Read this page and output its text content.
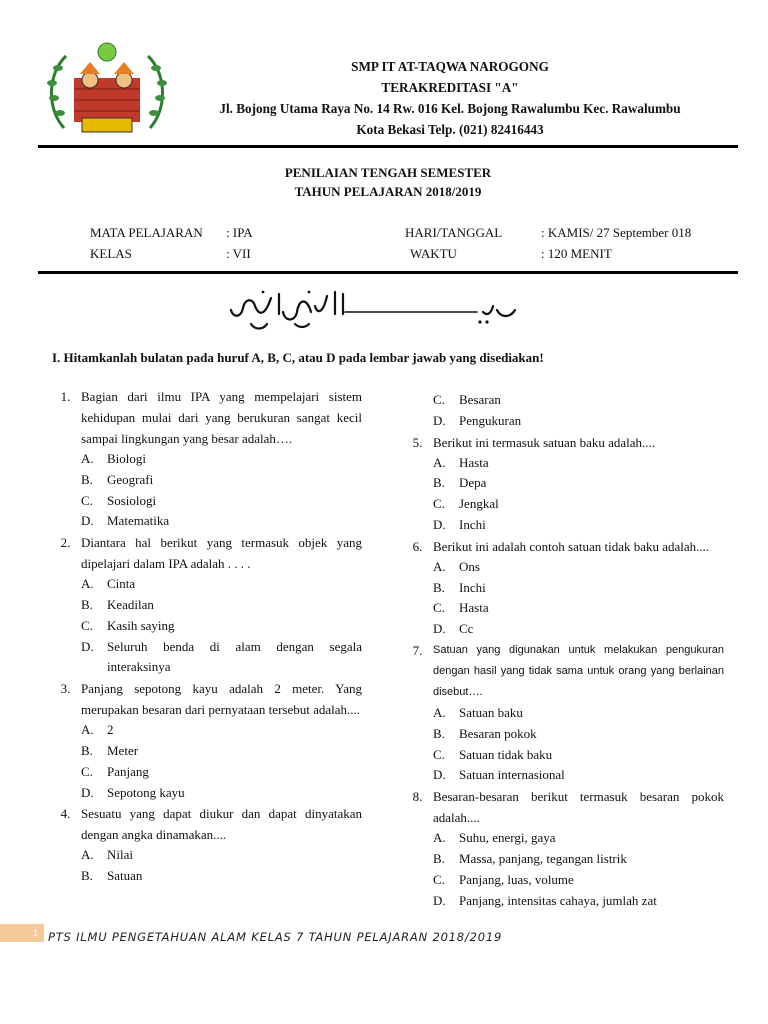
SMP IT AT-TAQWA NAROGONG
TERAKREDITASI "A"
Jl. Bojong Utama Raya No. 14 Rw. 016 Kel. Bojong Rawalumbu Kec. Rawalumbu
Kota Bekasi Telp. (021) 82416443
PENILAIAN TENGAH SEMESTER
TAHUN PELAJARAN 2018/2019
MATA PELAJARAN : IPA	HARI/TANGGAL	: KAMIS/ 27 September 018
KELAS	: VII	WAKTU	: 120 MENIT
I. Hitamkanlah bulatan pada huruf A, B, C, atau D pada lembar jawab yang disediakan!
1. Bagian dari ilmu IPA yang mempelajari sistem kehidupan mulai dari yang berukuran sangat kecil sampai lingkungan yang besar adalah….
A.	Biologi
B.	Geografi
C.	Sosiologi
D.	Matematika
2. Diantara hal berikut yang termasuk objek yang dipelajari dalam IPA adalah . . . .
A.	Cinta
B.	Keadilan
C.	Kasih saying
D.	Seluruh benda di alam dengan segala interaksinya
3. Panjang sepotong kayu adalah 2 meter. Yang merupakan besaran dari pernyataan tersebut adalah....
A.	2
B.	Meter
C.	Panjang
D.	Sepotong kayu
4. Sesuatu yang dapat diukur dan dapat dinyatakan dengan angka dinamakan....
A.	Nilai
B.	Satuan
C.	Besaran
D.	Pengukuran
5. Berikut ini termasuk satuan baku adalah....
A.	Hasta
B.	Depa
C.	Jengkal
D.	Inchi
6. Berikut ini adalah contoh satuan tidak baku adalah....
A.	Ons
B.	Inchi
C.	Hasta
D.	Cc
7. Satuan yang digunakan untuk melakukan pengukuran dengan hasil yang tidak sama untuk orang yang berlainan disebut….
A.	Satuan baku
B.	Besaran pokok
C.	Satuan tidak baku
D.	Satuan internasional
8. Besaran-besaran berikut termasuk besaran pokok adalah....
A.	Suhu, energi, gaya
B.	Massa, panjang, tegangan listrik
C.	Panjang, luas, volume
D.	Panjang, intensitas cahaya, jumlah zat
1 PTS ILMU PENGETAHUAN ALAM KELAS 7 TAHUN PELAJARAN 2018/2019
